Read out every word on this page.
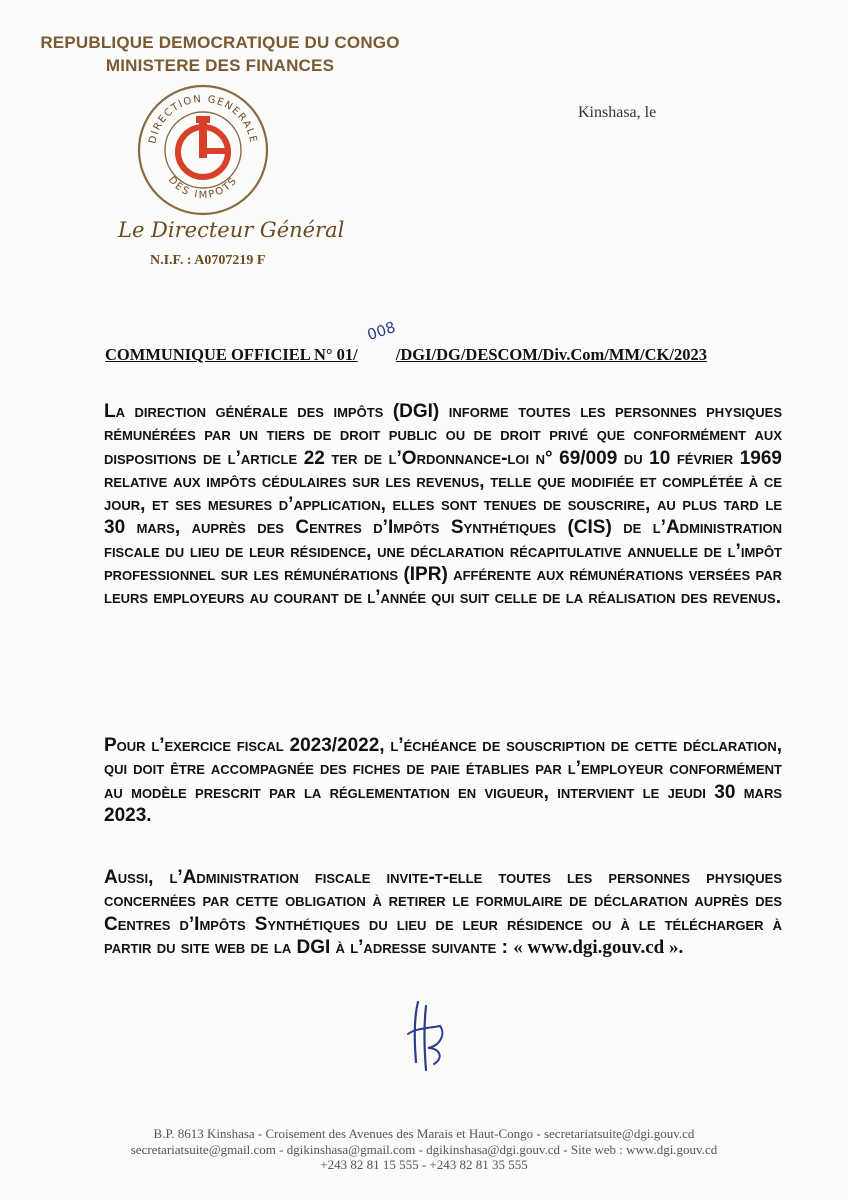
REPUBLIQUE DEMOCRATIQUE DU CONGO
MINISTERE DES FINANCES
DIRECTION GENERALE
DES IMPOTS
Kinshasa, le
Le Directeur Général
N.I.F. : A0707219 F
COMMUNIQUE OFFICIEL N° 01/ /DGI/DG/DESCOM/Div.Com/MM/CK/2023
008

La direction générale des impôts (DGI) informe toutes les personnes physiques rémunérées par un tiers de droit public ou de droit privé que conformément aux dispositions de l’article 22 ter de l’Ordonnance-loi n° 69/009 du 10 février 1969 relative aux impôts cédulaires sur les revenus, telle que modifiée et complétée à ce jour, et ses mesures d’application, elles sont tenues de souscrire, au plus tard le 30 mars, auprès des Centres d’Impôts Synthétiques (CIS) de l’Administration fiscale du lieu de leur résidence, une déclaration récapitulative annuelle de l’impôt professionnel sur les rémunérations (IPR) afférente aux rémunérations versées par leurs employeurs au courant de l’année qui suit celle de la réalisation des revenus.

Pour l’exercice fiscal 2023/2022, l’échéance de souscription de cette déclaration, qui doit être accompagnée des fiches de paie établies par l’employeur conformément au modèle prescrit par la réglementation en vigueur, intervient le jeudi 30 mars 2023.

Aussi, l’Administration fiscale invite-t-elle toutes les personnes physiques concernées par cette obligation à retirer le formulaire de déclaration auprès des Centres d’Impôts Synthétiques du lieu de leur résidence ou à le télécharger à partir du site web de la DGI à l’adresse suivante : « www.dgi.gouv.cd ».

B.P. 8613 Kinshasa - Croisement des Avenues des Marais et Haut-Congo - secretariatsuite@dgi.gouv.cd
secretariatsuite@gmail.com - dgikinshasa@gmail.com - dgikinshasa@dgi.gouv.cd - Site web : www.dgi.gouv.cd
+243 82 81 15 555 - +243 82 81 35 555
